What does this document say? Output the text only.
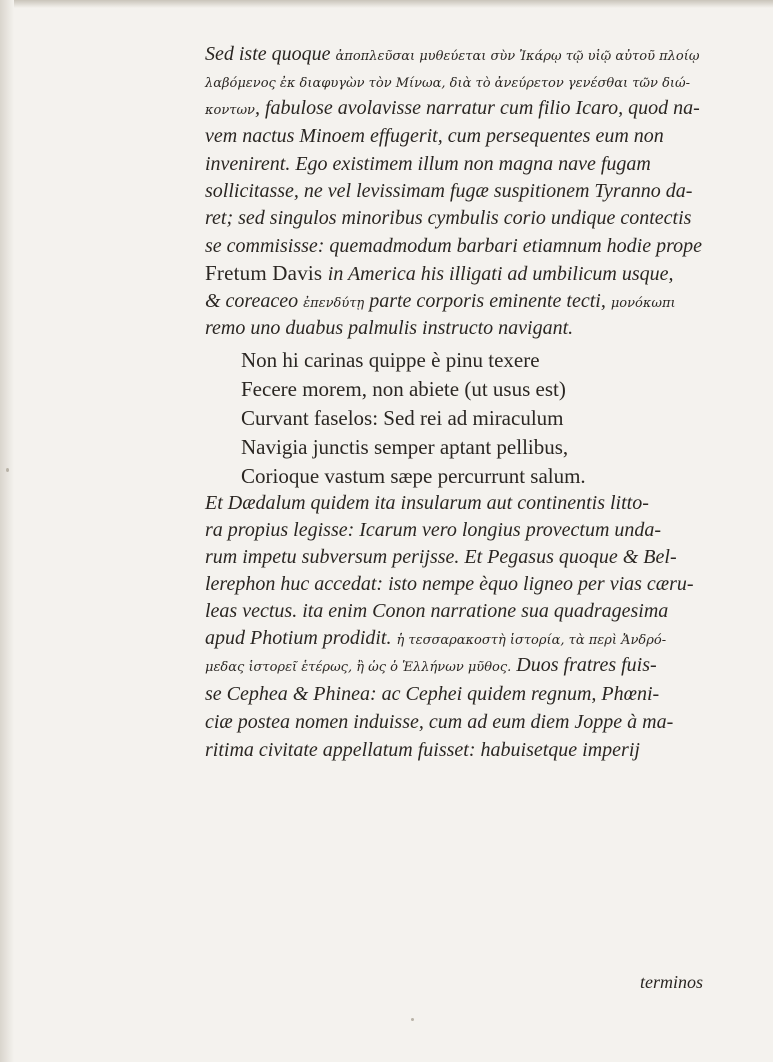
Sed iste quoque ἀποπλεῦσαι μυθεύεται σὺν Ἰκάρῳ τῷ υἱῷ αὐτοῦ πλοίῳ
λαβόμενος ἐκ διαφυγὼν τὸν Μίνωα, διὰ τὸ ἀνεύρετον γενέσθαι τῶν διώ-
κοντων, fabulose avolavisse narratur cum filio Icaro, quod na-
vem nactus Minoem effugerit, cum persequentes eum non
invenirent. Ego existimem illum non magna nave fugam
sollicitasse, ne vel levissimam fugæ suspitionem Tyranno da-
ret; sed singulos minoribus cymbulis corio undique contectis
se commisisse: quemadmodum barbari etiamnum hodie prope
Fretum Davis in America his illigati ad umbilicum usque,
& coreaceo ἐπενδύτῃ parte corporis eminente tecti, μονόκωπι
remo uno duabus palmulis instructo navigant.
Non hi carinas quippe è pinu texere
Fecere morem, non abiete (ut usus est)
Curvant faselos: Sed rei ad miraculum
Navigia junctis semper aptant pellibus,
Corioque vastum sæpe percurrunt salum.
Et Dædalum quidem ita insularum aut continentis litto-
ra propius legisse: Icarum vero longius provectum unda-
rum impetu subversum perijsse. Et Pegasus quoque & Bel-
lerephon huc accedat: isto nempe èquo ligneo per vias cæru-
leas vectus. ita enim Conon narratione sua quadragesima
apud Photium prodidit. ἡ τεσσαρακοστὴ ἱστορία, τὰ περὶ Ἀνδρό-
μεδας ἱστορεῖ ἑτέρως, ἢ ὡς ὁ Ἑλλήνων μῦθος. Duos fratres fuis-
se Cephea & Phinea: ac Cephei quidem regnum, Phœni-
ciæ postea nomen induisse, cum ad eum diem Joppe à ma-
ritima civitate appellatum fuisset: habuisetque imperij
terminos
